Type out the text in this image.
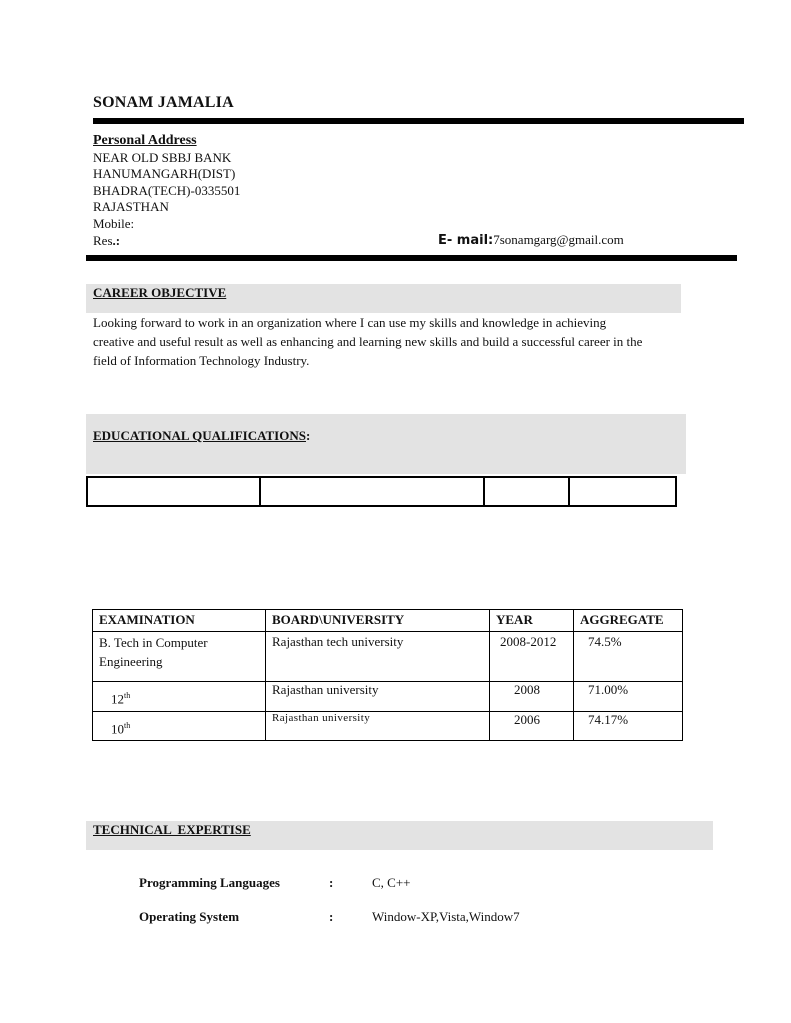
SONAM JAMALIA
Personal Address
NEAR OLD SBBJ BANK
HANUMANGARH(DIST)
BHADRA(TECH)-0335501
RAJASTHAN
Mobile:
Res.:	E- mail:7sonamgarg@gmail.com
CAREER OBJECTIVE
Looking forward to work in an organization where I can use my skills and knowledge in achieving
creative and useful result as well as enhancing and learning new skills and build a successful career in the
field of Information Technology Industry.
EDUCATIONAL QUALIFICATIONS:

EXAMINATION	BOARD\UNIVERSITY	YEAR	AGGREGATE

B. Tech in Computer
Engineering	Rajasthan tech university	2008-2012	74.5%
12th	Rajasthan university	2008	71.00%
10th	Rajasthan university	2006	74.17%
TECHNICAL  EXPERTISE
Programming Languages	:	C, C++
Operating System	:	Window-XP,Vista,Window7
